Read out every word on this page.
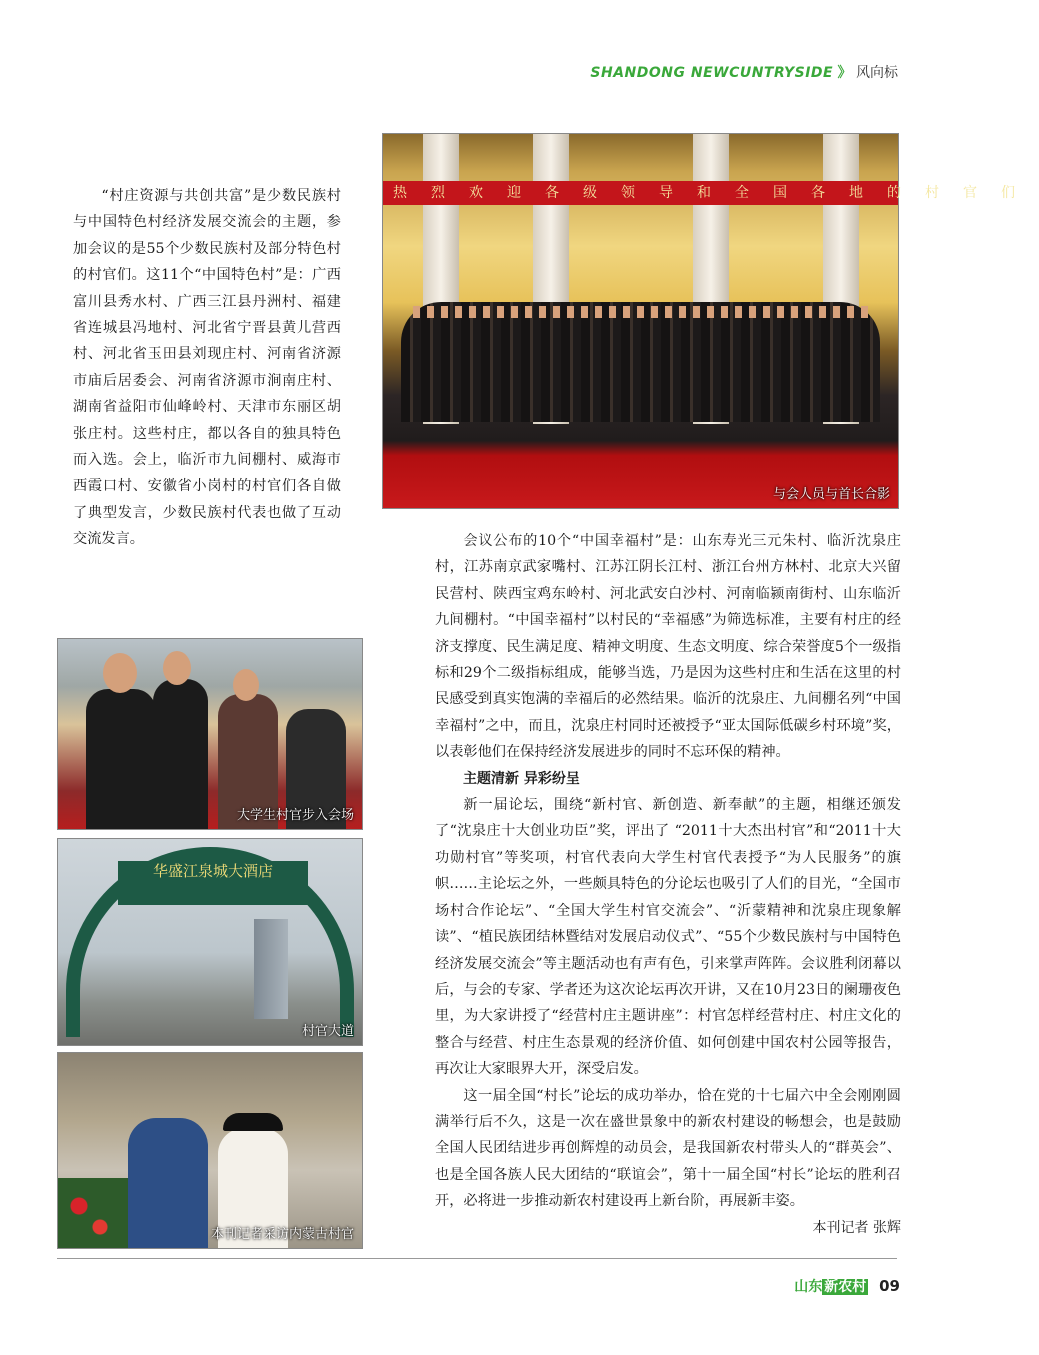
SHANDONG NEWCUNTRYSIDE 》 风向标
热烈欢迎各级领导和全国各地的村官们
与会人员与首长合影

“村庄资源与共创共富”是少数民族村与中国特色村经济发展交流会的主题，参加会议的是55个少数民族村及部分特色村的村官们。这11个“中国特色村”是：广西富川县秀水村、广西三江县丹洲村、福建省连城县冯地村、河北省宁晋县黄儿营西村、河北省玉田县刘现庄村、河南省济源市庙后居委会、河南省济源市涧南庄村、湖南省益阳市仙峰岭村、天津市东丽区胡张庄村。这些村庄，都以各自的独具特色而入选。会上，临沂市九间棚村、威海市西霞口村、安徽省小岗村的村官们各自做了典型发言，少数民族村代表也做了互动交流发言。

大学生村官步入会场
华盛江泉城大酒店
村官大道
本刊记者采访内蒙古村官

会议公布的10个“中国幸福村”是：山东寿光三元朱村、临沂沈泉庄村，江苏南京武家嘴村、江苏江阴长江村、浙江台州方林村、北京大兴留民营村、陕西宝鸡东岭村、河北武安白沙村、河南临颍南街村、山东临沂九间棚村。“中国幸福村”以村民的“幸福感”为筛选标准，主要有村庄的经济支撑度、民生满足度、精神文明度、生态文明度、综合荣誉度5个一级指标和29个二级指标组成，能够当选，乃是因为这些村庄和生活在这里的村民感受到真实饱满的幸福后的必然结果。临沂的沈泉庄、九间棚名列“中国幸福村”之中，而且，沈泉庄村同时还被授予“亚太国际低碳乡村环境”奖，以表彰他们在保持经济发展进步的同时不忘环保的精神。

主题清新 异彩纷呈

新一届论坛，围绕“新村官、新创造、新奉献”的主题，相继还颁发了“沈泉庄十大创业功臣”奖，评出了 “2011十大杰出村官”和“2011十大功勋村官”等奖项，村官代表向大学生村官代表授予“为人民服务”的旗帜……主论坛之外，一些颇具特色的分论坛也吸引了人们的目光，“全国市场村合作论坛”、“全国大学生村官交流会”、“沂蒙精神和沈泉庄现象解读”、“植民族团结林暨结对发展启动仪式”、“55个少数民族村与中国特色经济发展交流会”等主题活动也有声有色，引来掌声阵阵。会议胜利闭幕以后，与会的专家、学者还为这次论坛再次开讲，又在10月23日的阑珊夜色里，为大家讲授了“经营村庄主题讲座”：村官怎样经营村庄、村庄文化的整合与经营、村庄生态景观的经济价值、如何创建中国农村公园等报告，再次让大家眼界大开，深受启发。

这一届全国“村长”论坛的成功举办，恰在党的十七届六中全会刚刚圆满举行后不久，这是一次在盛世景象中的新农村建设的畅想会，也是鼓励全国人民团结进步再创辉煌的动员会，是我国新农村带头人的“群英会”、也是全国各族人民大团结的“联谊会”，第十一届全国“村长”论坛的胜利召开，必将进一步推动新农村建设再上新台阶，再展新丰姿。

本刊记者 张辉

山东 新农村 09
